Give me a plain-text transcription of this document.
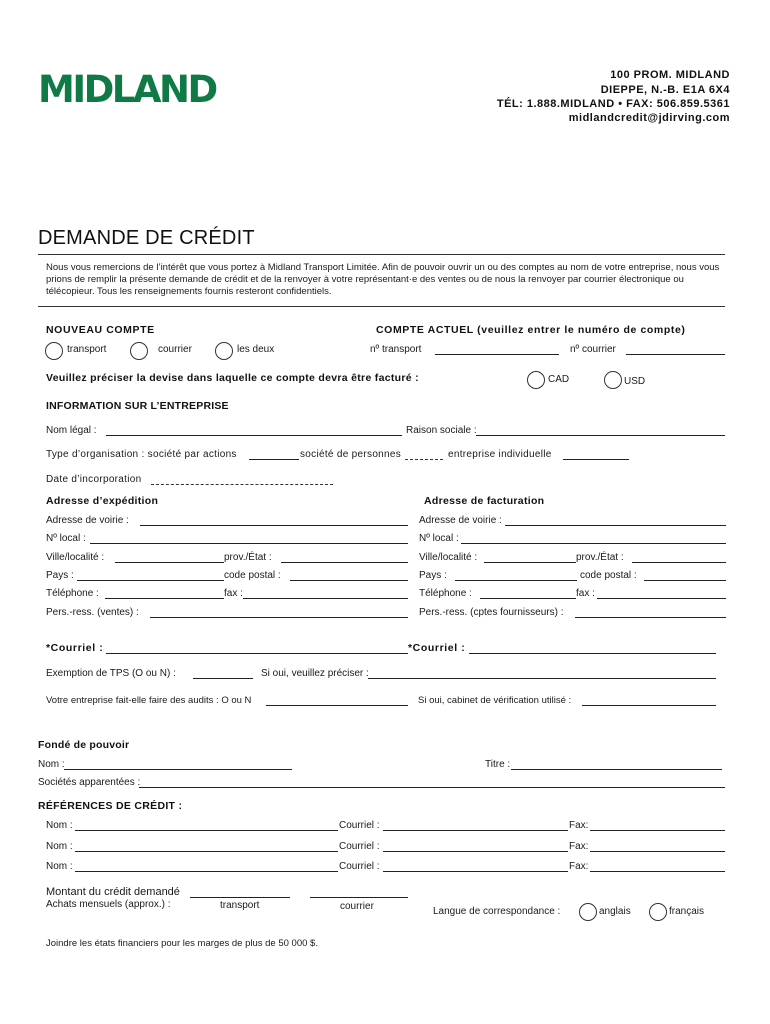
MIDLAND	100 PROM. MIDLAND
DIEPPE, N.-B. E1A 6X4
TÉL: 1.888.MIDLAND • FAX: 506.859.5361
midlandcredit@jdirving.com
DEMANDE DE CRÉDIT
Nous vous remercions de l’intérêt que vous portez à Midland Transport Limitée. Afin de pouvoir ouvrir un ou des comptes au nom de votre entreprise, nous vous prions de remplir la présente demande de crédit et de la renvoyer à votre représentant·e des ventes ou de nous la renvoyer par courrier électronique ou télécopieur. Tous les renseignements fournis resteront confidentiels.
NOUVEAU COMPTE	COMPTE ACTUEL (veuillez entrer le numéro de compte)
transport	courrier	les deux	nº transport	nº courrier
Veuillez préciser la devise dans laquelle ce compte devra être facturé :	CAD	USD
INFORMATION SUR L’ENTREPRISE
Nom légal :	Raison sociale :
Type d’organisation : société par actions	société de personnes	entreprise individuelle
Date d’incorporation
Adresse d’expédition	Adresse de facturation
Adresse de voirie :
Nº local :
Ville/localité :	prov./État :
Pays :	code postal :
Téléphone :	fax :
Pers.-ress. (ventes) :
Adresse de voirie :
Nº local :
Ville/localité :	prov./État :
Pays :	code postal :
Téléphone :	fax :
Pers.-ress. (cptes fournisseurs) :
*Courriel :	*Courriel :
Exemption de TPS (O ou N) :	Si oui, veuillez préciser :
Votre entreprise fait-elle faire des audits : O ou N	Si oui, cabinet de vérification utilisé :
Fondé de pouvoir
Nom :	Titre :
Sociétés apparentées :
RÉFÉRENCES DE CRÉDIT :
Nom :	Courriel :	Fax:
Nom :	Courriel :	Fax:
Nom :	Courriel :	Fax:
Montant du crédit demandé
Achats mensuels (approx.) :	transport	courrier	Langue de correspondance :	anglais	français
Joindre les états financiers pour les marges de plus de 50 000 $.
